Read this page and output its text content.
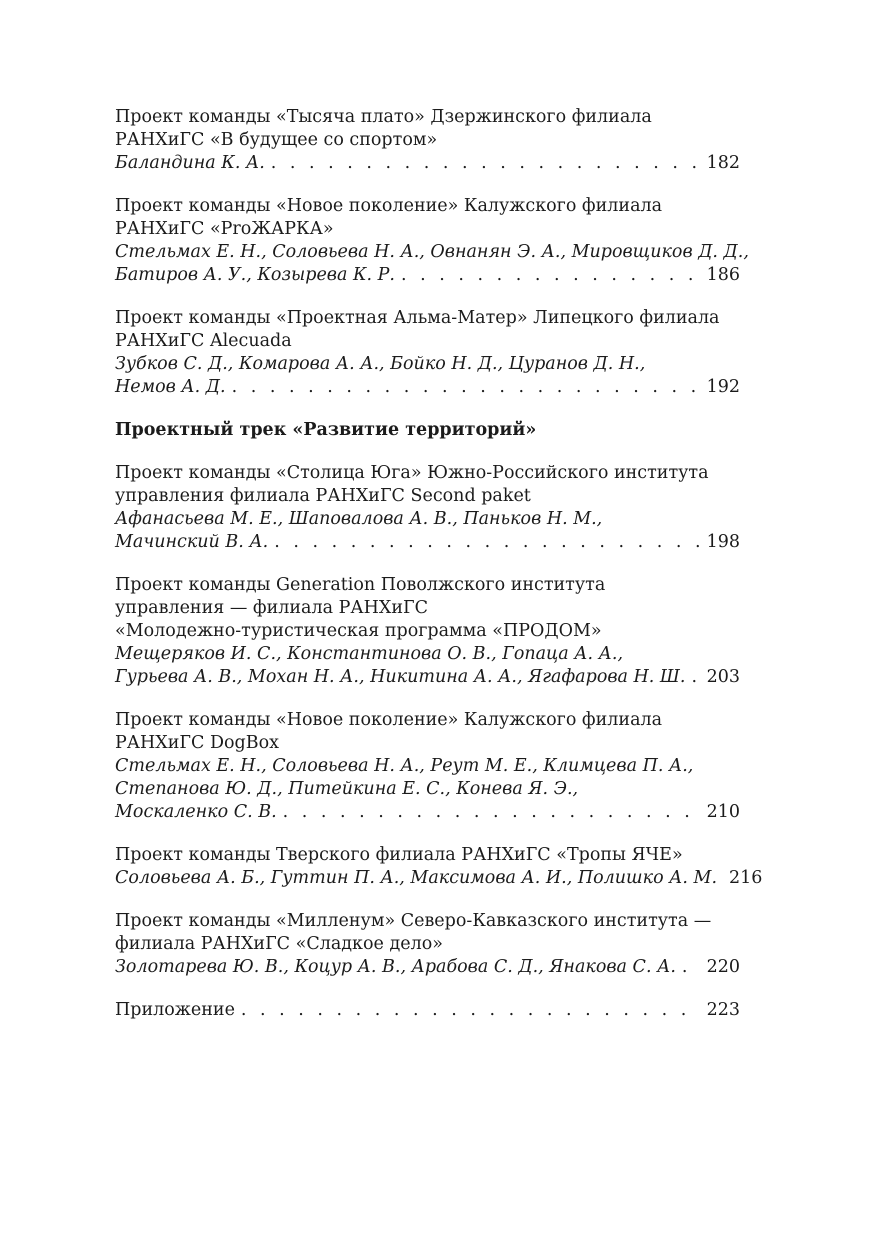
Проект команды «Тысяча плато» Дзержинского филиала
РАНХиГС «В будущее со спортом»
Баландина К. А. . . .	182
Проект команды «Новое поколение» Калужского филиала
РАНХиГС «ProЖАРКА»
Стельмах Е. Н., Соловьева Н. А., Овнанян Э. А., Мировщиков Д. Д.,
Батиров А. У., Козырева К. Р. . . .	186
Проект команды «Проектная Альма-Матер» Липецкого филиала
РАНХиГС Alecuada
Зубков С. Д., Комарова А. А., Бойко Н. Д., Цуранов Д. Н.,
Немов А. Д. . . .	192
Проектный трек «Развитие территорий»
Проект команды «Столица Юга» Южно-Российского института
управления филиала РАНХиГС Second paket
Афанасьева М. Е., Шаповалова А. В., Паньков Н. М.,
Мачинский В. А. . . .	198
Проект команды Generation Поволжского института
управления — филиала РАНХиГС
«Молодежно-туристическая программа «ПРОДОМ»
Мещеряков И. С., Константинова О. В., Гопаца А. А.,
Гурьева А. В., Мохан Н. А., Никитина А. А., Ягафарова Н. Ш. . . . 203
Проект команды «Новое поколение» Калужского филиала
РАНХиГС DogBox
Стельмах Е. Н., Соловьева Н. А., Реут М. Е., Климцева П. А.,
Степанова Ю. Д., Питейкина Е. С., Конева Я. Э.,
Москаленко С. В. . . .	210
Проект команды Тверского филиала РАНХиГС «Тропы ЯЧЕ»
Соловьева А. Б., Гуттин П. А., Максимова А. И., Полишко А. М. 216
Проект команды «Милленум» Северо-Кавказского института —
филиала РАНХиГС «Сладкое дело»
Золотарева Ю. В., Коцур А. В., Арабова С. Д., Янакова С. А. . . . 220
Приложение . . .	223
